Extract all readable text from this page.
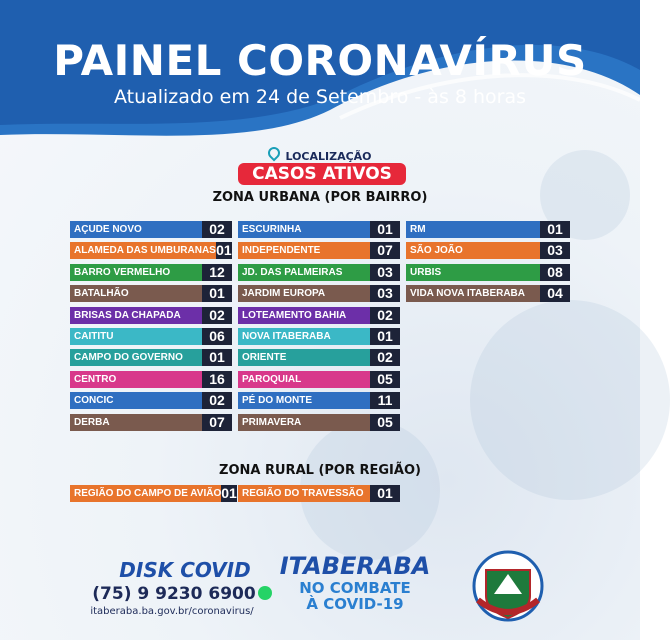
PAINEL CORONAVÍRUS
Atualizado em 24 de Setembro - às 8 horas
LOCALIZAÇÃO
CASOS ATIVOS
ZONA URBANA (POR BAIRRO)
AÇUDE NOVO	02
ALAMEDA DAS UMBURANAS 01
BARRO VERMELHO	12
BATALHÃO	01
BRISAS DA CHAPADA	02
CAITITU	06
CAMPO DO GOVERNO	01
CENTRO	16
CONCIC	02
DERBA	07
ESCURINHA	01
INDEPENDENTE	07
JD. DAS PALMEIRAS	03
JARDIM EUROPA	03
LOTEAMENTO BAHIA	02
NOVA ITABERABA	01
ORIENTE	02
PAROQUIAL	05
PÉ DO MONTE	11
PRIMAVERA	05
RM	01
SÃO JOÃO	03
URBIS	08
VIDA NOVA ITABERABA	04
ZONA RURAL (POR REGIÃO)
REGIÃO DO CAMPO DE AVIÃO 01 REGIÃO DO TRAVESSÃO 01
DISK COVID
(75) 9 9230 6900
itaberaba.ba.gov.br/coronavirus/
ITABERABA
NO COMBATE
À COVID-19
